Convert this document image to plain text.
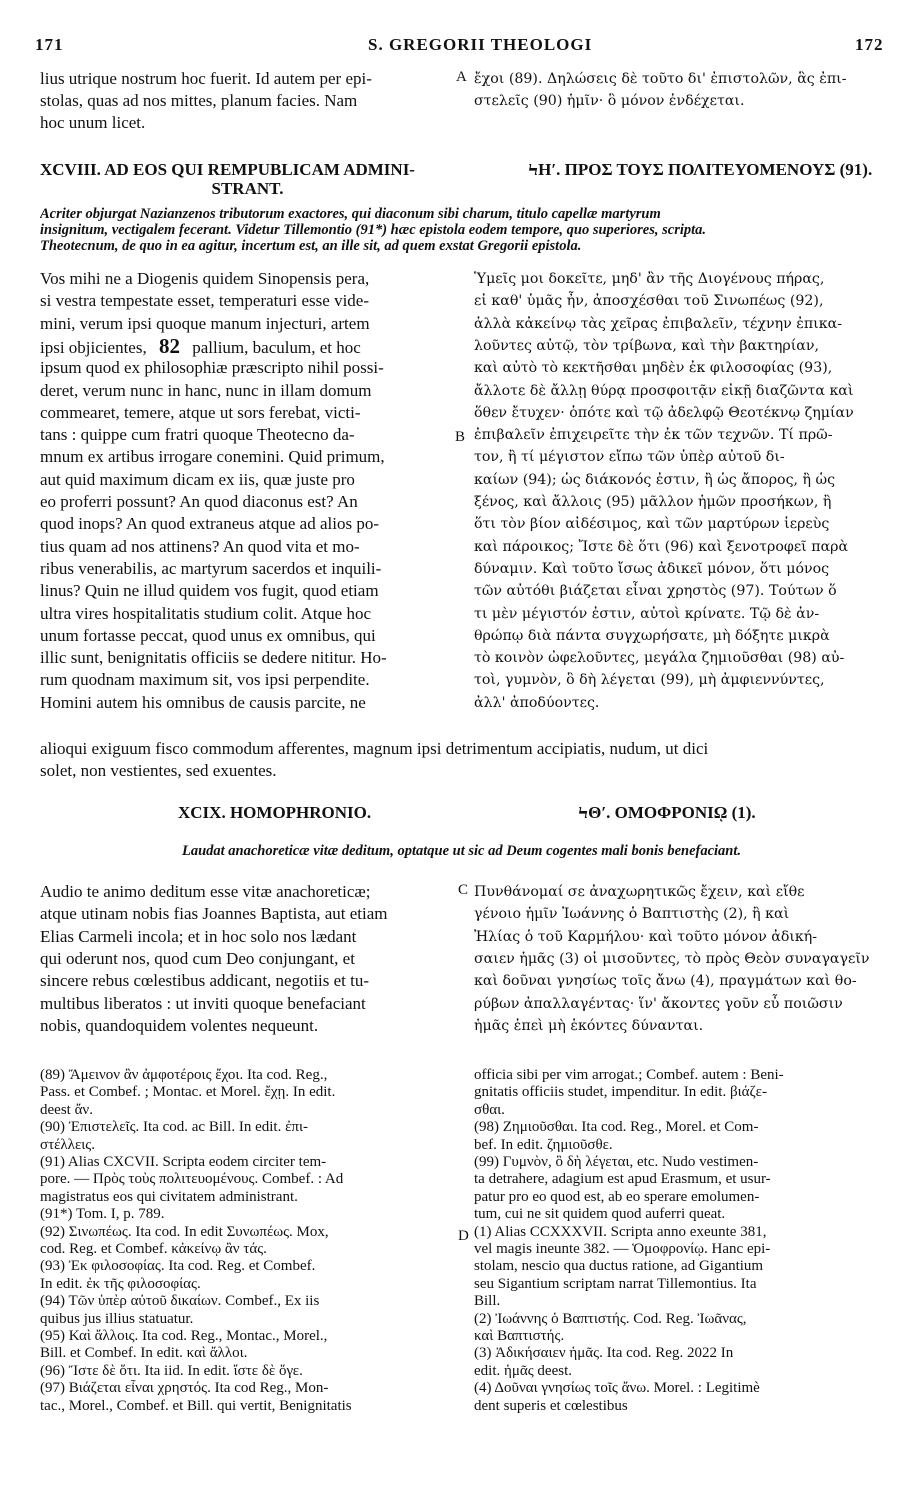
171	S. GREGORII THEOLOGI	172
A
B
C
D
lius utrique nostrum hoc fuerit. Id autem per epi-
stolas, quas ad nos mittes, planum facies. Nam
hoc unum licet.
ἔχοι (89). Δηλώσεις δὲ τοῦτο δι' ἐπιστολῶν, ἃς ἐπι-
στελεῖς (90) ἡμῖν· ὃ μόνον ἐνδέχεται.
XCVIII. AD EOS QUI REMPUBLICAM ADMINI-
STRANT.
ϞΗʹ. ΠΡΟΣ ΤΟΥΣ ΠΟΛΙΤΕΥΟΜΕΝΟΥΣ (91).
Acriter objurgat Nazianzenos tributorum exactores, qui diaconum sibi charum, titulo capellæ martyrum
insignitum, vectigalem fecerant. Videtur Tillemontio (91*) hæc epistola eodem tempore, quo superiores, scripta.
Theotecnum, de quo in ea agitur, incertum est, an ille sit, ad quem exstat Gregorii epistola.
Vos mihi ne a Diogenis quidem Sinopensis pera,
si vestra tempestate esset, temperaturi esse vide-
mini, verum ipsi quoque manum injecturi, artem
ipsum quod ex philosophiæ præscripto nihil possi-
deret, verum nunc in hanc, nunc in illam domum
commearet, temere, atque ut sors ferebat, victi-
tans : quippe cum fratri quoque Theotecno da-
mnum ex artibus irrogare conemini. Quid primum,
aut quid maximum dicam ex iis, quæ juste pro
eo proferri possunt? An quod diaconus est? An
quod inops? An quod extraneus atque ad alios po-
tius quam ad nos attinens? An quod vita et mo-
ribus venerabilis, ac martyrum sacerdos et inquili-
linus? Quin ne illud quidem vos fugit, quod etiam
ultra vires hospitalitatis studium colit. Atque hoc
unum fortasse peccat, quod unus ex omnibus, qui
illic sunt, benignitatis officiis se dedere nititur. Ho-
rum quodnam maximum sit, vos ipsi perpendite.
Homini autem his omnibus de causis parcite, ne
ipsi objicientes, 82 pallium, baculum, et hoc
Ὑμεῖς μοι δοκεῖτε, μηδ' ἂν τῆς Διογένους πήρας,
εἰ καθ' ὑμᾶς ἦν, ἀποσχέσθαι τοῦ Σινωπέως (92),
ἀλλὰ κἀκείνῳ τὰς χεῖρας ἐπιβαλεῖν, τέχνην ἐπικα-
λοῦντες αὐτῷ, τὸν τρίβωνα, καὶ τὴν βακτηρίαν,
καὶ αὐτὸ τὸ κεκτῆσθαι μηδὲν ἐκ φιλοσοφίας (93),
ἄλλοτε δὲ ἄλλῃ θύρᾳ προσφοιτᾷν εἰκῇ διαζῶντα καὶ
ὅθεν ἔτυχεν· ὁπότε καὶ τῷ ἀδελφῷ Θεοτέκνῳ ζημίαν
ἐπιβαλεῖν ἐπιχειρεῖτε τὴν ἐκ τῶν τεχνῶν. Τί πρῶ-
τον, ἢ τί μέγιστον εἴπω τῶν ὑπὲρ αὐτοῦ δι-
καίων (94); ὡς διάκονός ἐστιν, ἢ ὡς ἄπορος, ἢ ὡς
ξένος, καὶ ἄλλοις (95) μᾶλλον ἡμῶν προσήκων, ἢ
ὅτι τὸν βίον αἰδέσιμος, καὶ τῶν μαρτύρων ἱερεὺς
καὶ πάροικος; Ἴστε δὲ ὅτι (96) καὶ ξενοτροφεῖ παρὰ
δύναμιν. Καὶ τοῦτο ἴσως ἀδικεῖ μόνον, ὅτι μόνος
τῶν αὐτόθι βιάζεται εἶναι χρηστὸς (97). Τούτων ὅ
τι μὲν μέγιστόν ἐστιν, αὐτοὶ κρίνατε. Τῷ δὲ ἀν-
θρώπῳ διὰ πάντα συγχωρήσατε, μὴ δόξητε μικρὰ
τὸ κοινὸν ὠφελοῦντες, μεγάλα ζημιοῦσθαι (98) αὐ-
τοὶ, γυμνὸν, ὃ δὴ λέγεται (99), μὴ ἀμφιεννύντες,
ἀλλ' ἀποδύοντες.
alioqui exiguum fisco commodum afferentes, magnum ipsi detrimentum accipiatis, nudum, ut dici
solet, non vestientes, sed exuentes.
XCIX. HOMOPHRONIO.	ϞΘʹ. ΟΜΟΦΡΟΝΙῼ (1).
Laudat anachoreticæ vitæ deditum, optatque ut sic ad Deum cogentes mali bonis benefaciant.
Audio te animo deditum esse vitæ anachoreticæ;
atque utinam nobis fias Joannes Baptista, aut etiam
Elias Carmeli incola; et in hoc solo nos lædant
qui oderunt nos, quod cum Deo conjungant, et
sincere rebus cœlestibus addicant, negotiis et tu-
multibus liberatos : ut inviti quoque benefaciant
nobis, quandoquidem volentes nequeunt.
Πυνθάνομαί σε ἀναχωρητικῶς ἔχειν, καὶ εἴθε
γένοιο ἡμῖν Ἰωάννης ὁ Βαπτιστὴς (2), ἢ καὶ
Ἠλίας ὁ τοῦ Καρμήλου· καὶ τοῦτο μόνον ἀδική-
σαιεν ἡμᾶς (3) οἱ μισοῦντες, τὸ πρὸς Θεὸν συναγαγεῖν
καὶ δοῦναι γνησίως τοῖς ἄνω (4), πραγμάτων καὶ θο-
ρύβων ἀπαλλαγέντας· ἵν' ἄκοντες γοῦν εὖ ποιῶσιν
ἡμᾶς ἐπεὶ μὴ ἑκόντες δύνανται.
(89) Ἄμεινον ἂν ἀμφοτέροις ἔχοι. Ita cod. Reg.,
Pass. et Combef. ; Montac. et Morel. ἔχῃ. In edit.
deest ἄν.
(90) Ἐπιστελεῖς. Ita cod. ac Bill. In edit. ἐπι-
στέλλεις.
(91) Alias CXCVII. Scripta eodem circiter tem-
pore. — Πρὸς τοὺς πολιτευομένους. Combef. : Ad
magistratus eos qui civitatem administrant.
(91*) Tom. I, p. 789.
(92) Σινωπέως. Ita cod. In edit Συνωπέως. Mox,
cod. Reg. et Combef. κἀκείνῳ ἂν τάς.
(93) Ἐκ φιλοσοφίας. Ita cod. Reg. et Combef.
In edit. ἐκ τῆς φιλοσοφίας.
(94) Τῶν ὑπὲρ αὐτοῦ δικαίων. Combef., Ex iis
quibus jus illius statuatur.
(95) Καὶ ἄλλοις. Ita cod. Reg., Montac., Morel.,
Bill. et Combef. In edit. καὶ ἄλλοι.
(96) Ἴστε δὲ ὅτι. Ita iid. In edit. ἴστε δὲ ὅγε.
(97) Βιάζεται εἶναι χρηστός. Ita cod Reg., Mon-
tac., Morel., Combef. et Bill. qui vertit, Benignitatis
officia sibi per vim arrogat.; Combef. autem : Beni-
gnitatis officiis studet, impenditur. In edit. βιάζε-
σθαι.
(98) Ζημιοῦσθαι. Ita cod. Reg., Morel. et Com-
bef. In edit. ζημιοῦσθε.
(99) Γυμνὸν, ὃ δὴ λέγεται, etc. Nudo vestimen-
ta detrahere, adagium est apud Erasmum, et usur-
patur pro eo quod est, ab eo sperare emolumen-
tum, cui ne sit quidem quod auferri queat.
(1) Alias CCXXXVII. Scripta anno exeunte 381,
vel magis ineunte 382. — Ὁμοφρονίῳ. Hanc epi-
stolam, nescio qua ductus ratione, ad Gigantium
seu Sigantium scriptam narrat Tillemontius. Ita
Bill.
(2) Ἰωάννης ὁ Βαπτιστής. Cod. Reg. Ἰωᾶνας,
καὶ Βαπτιστής.
(3) Ἀδικήσαιεν ἡμᾶς. Ita cod. Reg. 2022 In
edit. ἡμᾶς deest.
(4) Δοῦναι γνησίως τοῖς ἄνω. Morel. : Legitimè
dent superis et cœlestibus
